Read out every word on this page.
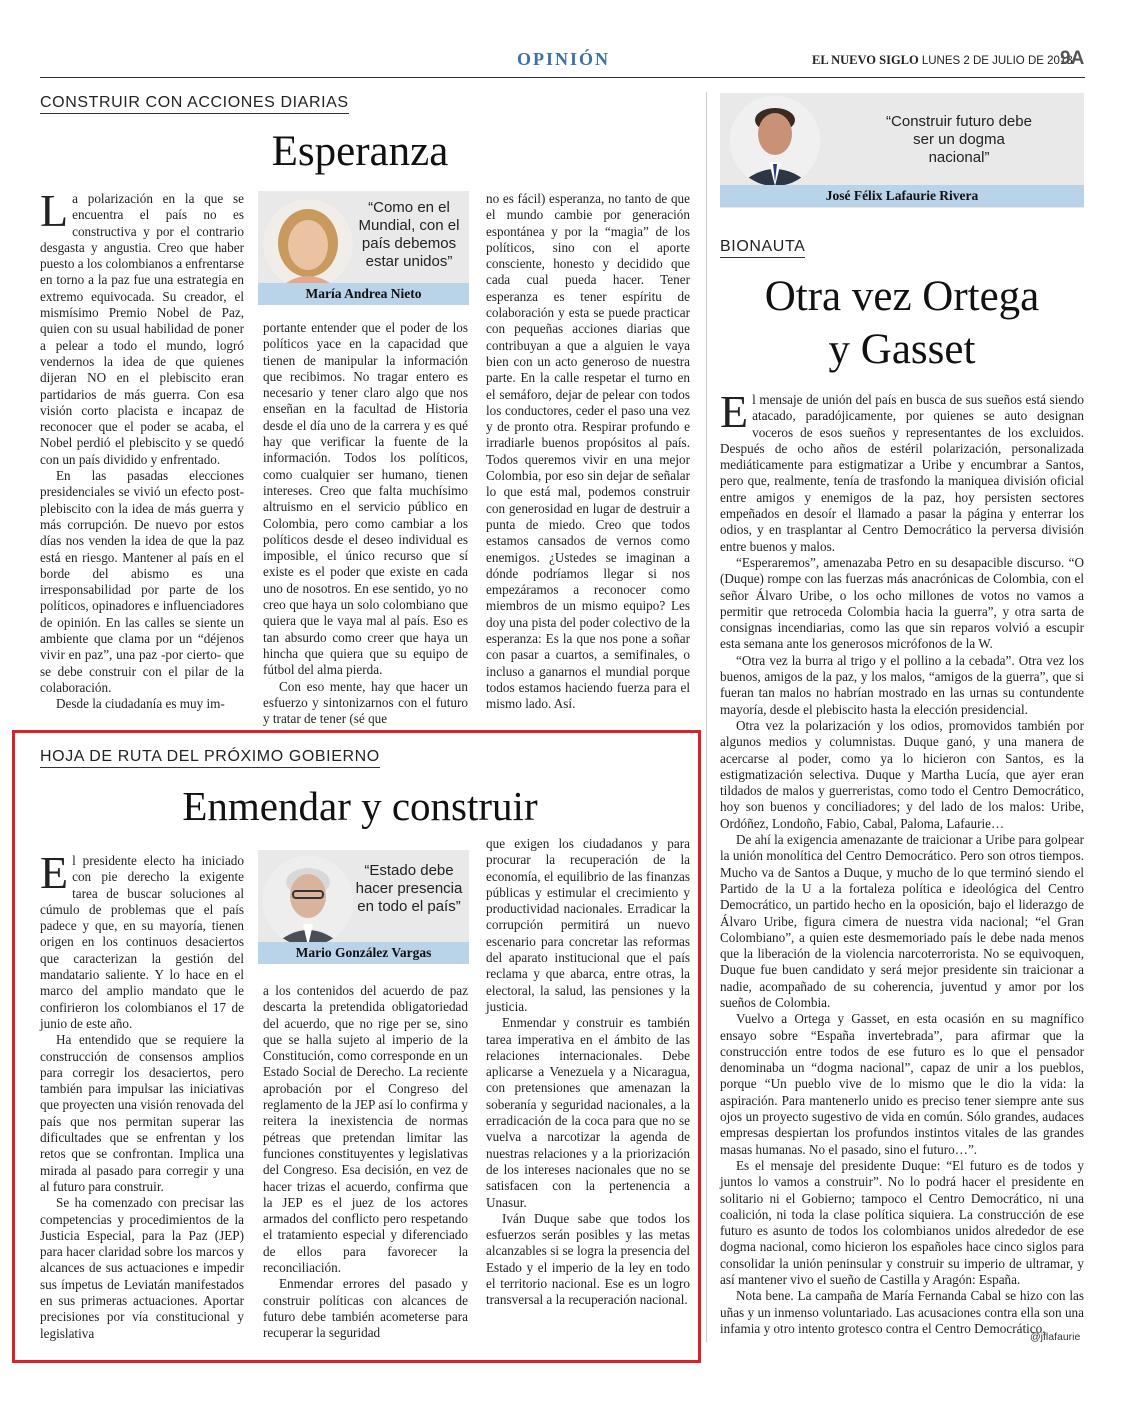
OPINIÓN	EL NUEVO SIGLO LUNES 2 DE JULIO DE 2018
9A
CONSTRUIR CON ACCIONES DIARIAS
Esperanza

La polarización en la que se encuentra el país no es constructiva y por el contrario desgasta y angustia. Creo que haber puesto a los colombianos a enfrentarse en torno a la paz fue una estrategia en extremo equivocada. Su creador, el mismísimo Premio Nobel de Paz, quien con su usual habilidad de poner a pelear a todo el mundo, logró vendernos la idea de que quienes dijeran NO en el plebiscito eran partidarios de más guerra. Con esa visión corto placista e incapaz de reconocer que el poder se acaba, el Nobel perdió el plebiscito y se quedó con un país dividido y enfrentado.

En las pasadas elecciones presidenciales se vivió un efecto post-plebiscito con la idea de más guerra y más corrupción. De nuevo por estos días nos venden la idea de que la paz está en riesgo. Mantener al país en el borde del abismo es una irresponsabilidad por parte de los políticos, opinadores e influenciadores de opinión. En las calles se siente un ambiente que clama por un “déjenos vivir en paz”, una paz -por cierto- que se debe construir con el pilar de la colaboración.

Desde la ciudadanía es muy im-

“Como en el Mundial, con el país debemos estar unidos”
María Andrea Nieto

portante entender que el poder de los políticos yace en la capacidad que tienen de manipular la información que recibimos. No tragar entero es necesario y tener claro algo que nos enseñan en la facultad de Historia desde el día uno de la carrera y es qué hay que verificar la fuente de la información. Todos los políticos, como cualquier ser humano, tienen intereses. Creo que falta muchísimo altruismo en el servicio público en Colombia, pero como cambiar a los políticos desde el deseo individual es imposible, el único recurso que sí existe es el poder que existe en cada uno de nosotros. En ese sentido, yo no creo que haya un solo colombiano que quiera que le vaya mal al país. Eso es tan absurdo como creer que haya un hincha que quiera que su equipo de fútbol del alma pierda.

Con eso mente, hay que hacer un esfuerzo y sintonizarnos con el futuro y tratar de tener (sé que

no es fácil) esperanza, no tanto de que el mundo cambie por generación espontánea y por la “magia” de los políticos, sino con el aporte consciente, honesto y decidido que cada cual pueda hacer. Tener esperanza es tener espíritu de colaboración y esta se puede practicar con pequeñas acciones diarias que contribuyan a que a alguien le vaya bien con un acto generoso de nuestra parte. En la calle respetar el turno en el semáforo, dejar de pelear con todos los conductores, ceder el paso una vez y de pronto otra. Respirar profundo e irradiarle buenos propósitos al país. Todos queremos vivir en una mejor Colombia, por eso sin dejar de señalar lo que está mal, podemos construir con generosidad en lugar de destruir a punta de miedo. Creo que todos estamos cansados de vernos como enemigos. ¿Ustedes se imaginan a dónde podríamos llegar si nos empezáramos a reconocer como miembros de un mismo equipo? Les doy una pista del poder colectivo de la esperanza: Es la que nos pone a soñar con pasar a cuartos, a semifinales, o incluso a ganarnos el mundial porque todos estamos haciendo fuerza para el mismo lado. Así.

HOJA DE RUTA DEL PRÓXIMO GOBIERNO
Enmendar y construir

El presidente electo ha iniciado con pie derecho la exigente tarea de buscar soluciones al cúmulo de problemas que el país padece y que, en su mayoría, tienen origen en los continuos desaciertos que caracterizan la gestión del mandatario saliente. Y lo hace en el marco del amplio mandato que le confirieron los colombianos el 17 de junio de este año.

Ha entendido que se requiere la construcción de consensos amplios para corregir los desaciertos, pero también para impulsar las iniciativas que proyecten una visión renovada del país que nos permitan superar las dificultades que se enfrentan y los retos que se confrontan. Implica una mirada al pasado para corregir y una al futuro para construir.

Se ha comenzado con precisar las competencias y procedimientos de la Justicia Especial, para la Paz (JEP) para hacer claridad sobre los marcos y alcances de sus actuaciones e impedir sus ímpetus de Leviatán manifestados en sus primeras actuaciones. Aportar precisiones por vía constitucional y legislativa

“Estado debe hacer presencia en todo el país”
Mario González Vargas

a los contenidos del acuerdo de paz descarta la pretendida obligatoriedad del acuerdo, que no rige per se, sino que se halla sujeto al imperio de la Constitución, como corresponde en un Estado Social de Derecho. La reciente aprobación por el Congreso del reglamento de la JEP así lo confirma y reitera la inexistencia de normas pétreas que pretendan limitar las funciones constituyentes y legislativas del Congreso. Esa decisión, en vez de hacer trizas el acuerdo, confirma que la JEP es el juez de los actores armados del conflicto pero respetando el tratamiento especial y diferenciado de ellos para favorecer la reconciliación.

Enmendar errores del pasado y construir políticas con alcances de futuro debe también acometerse para recuperar la seguridad

que exigen los ciudadanos y para procurar la recuperación de la economía, el equilibrio de las finanzas públicas y estimular el crecimiento y productividad nacionales. Erradicar la corrupción permitirá un nuevo escenario para concretar las reformas del aparato institucional que el país reclama y que abarca, entre otras, la electoral, la salud, las pensiones y la justicia.

Enmendar y construir es también tarea imperativa en el ámbito de las relaciones internacionales. Debe aplicarse a Venezuela y a Nicaragua, con pretensiones que amenazan la soberanía y seguridad nacionales, a la erradicación de la coca para que no se vuelva a narcotizar la agenda de nuestras relaciones y a la priorización de los intereses nacionales que no se satisfacen con la pertenencia a Unasur.

Iván Duque sabe que todos los esfuerzos serán posibles y las metas alcanzables si se logra la presencia del Estado y el imperio de la ley en todo el territorio nacional. Ese es un logro transversal a la recuperación nacional.

“Construir futuro debe ser un dogma nacional”
José Félix Lafaurie Rivera
BIONAUTA
Otra vez Ortega
y Gasset

El mensaje de unión del país en busca de sus sueños está siendo atacado, paradójicamente, por quienes se auto designan voceros de esos sueños y representantes de los excluidos. Después de ocho años de estéril polarización, personalizada mediáticamente para estigmatizar a Uribe y encumbrar a Santos, pero que, realmente, tenía de trasfondo la maniquea división oficial entre amigos y enemigos de la paz, hoy persisten sectores empeñados en desoír el llamado a pasar la página y enterrar los odios, y en trasplantar al Centro Democrático la perversa división entre buenos y malos.

“Esperaremos”, amenazaba Petro en su desapacible discurso. “O (Duque) rompe con las fuerzas más anacrónicas de Colombia, con el señor Álvaro Uribe, o los ocho millones de votos no vamos a permitir que retroceda Colombia hacia la guerra”, y otra sarta de consignas incendiarias, como las que sin reparos volvió a escupir esta semana ante los generosos micrófonos de la W.

“Otra vez la burra al trigo y el pollino a la cebada”. Otra vez los buenos, amigos de la paz, y los malos, “amigos de la guerra”, que si fueran tan malos no habrían mostrado en las urnas su contundente mayoría, desde el plebiscito hasta la elección presidencial.

Otra vez la polarización y los odios, promovidos también por algunos medios y columnistas. Duque ganó, y una manera de acercarse al poder, como ya lo hicieron con Santos, es la estigmatización selectiva. Duque y Martha Lucía, que ayer eran tildados de malos y guerreristas, como todo el Centro Democrático, hoy son buenos y conciliadores; y del lado de los malos: Uribe, Ordóñez, Londoño, Fabio, Cabal, Paloma, Lafaurie…

De ahí la exigencia amenazante de traicionar a Uribe para golpear la unión monolítica del Centro Democrático. Pero son otros tiempos. Mucho va de Santos a Duque, y mucho de lo que terminó siendo el Partido de la U a la fortaleza política e ideológica del Centro Democrático, un partido hecho en la oposición, bajo el liderazgo de Álvaro Uribe, figura cimera de nuestra vida nacional; “el Gran Colombiano”, a quien este desmemoriado país le debe nada menos que la liberación de la violencia narcoterrorista. No se equivoquen, Duque fue buen candidato y será mejor presidente sin traicionar a nadie, acompañado de su coherencia, juventud y amor por los sueños de Colombia.

Vuelvo a Ortega y Gasset, en esta ocasión en su magnífico ensayo sobre “España invertebrada”, para afirmar que la construcción entre todos de ese futuro es lo que el pensador denominaba un “dogma nacional”, capaz de unir a los pueblos, porque “Un pueblo vive de lo mismo que le dio la vida: la aspiración. Para mantenerlo unido es preciso tener siempre ante sus ojos un proyecto sugestivo de vida en común. Sólo grandes, audaces empresas despiertan los profundos instintos vitales de las grandes masas humanas. No el pasado, sino el futuro…”.

Es el mensaje del presidente Duque: “El futuro es de todos y juntos lo vamos a construir”. No lo podrá hacer el presidente en solitario ni el Gobierno; tampoco el Centro Democrático, ni una coalición, ni toda la clase política siquiera. La construcción de ese futuro es asunto de todos los colombianos unidos alrededor de ese dogma nacional, como hicieron los españoles hace cinco siglos para consolidar la unión peninsular y construir su imperio de ultramar, y así mantener vivo el sueño de Castilla y Aragón: España.

Nota bene. La campaña de María Fernanda Cabal se hizo con las uñas y un inmenso voluntariado. Las acusaciones contra ella son una infamia y otro intento grotesco contra el Centro Democrático.

@jflafaurie
